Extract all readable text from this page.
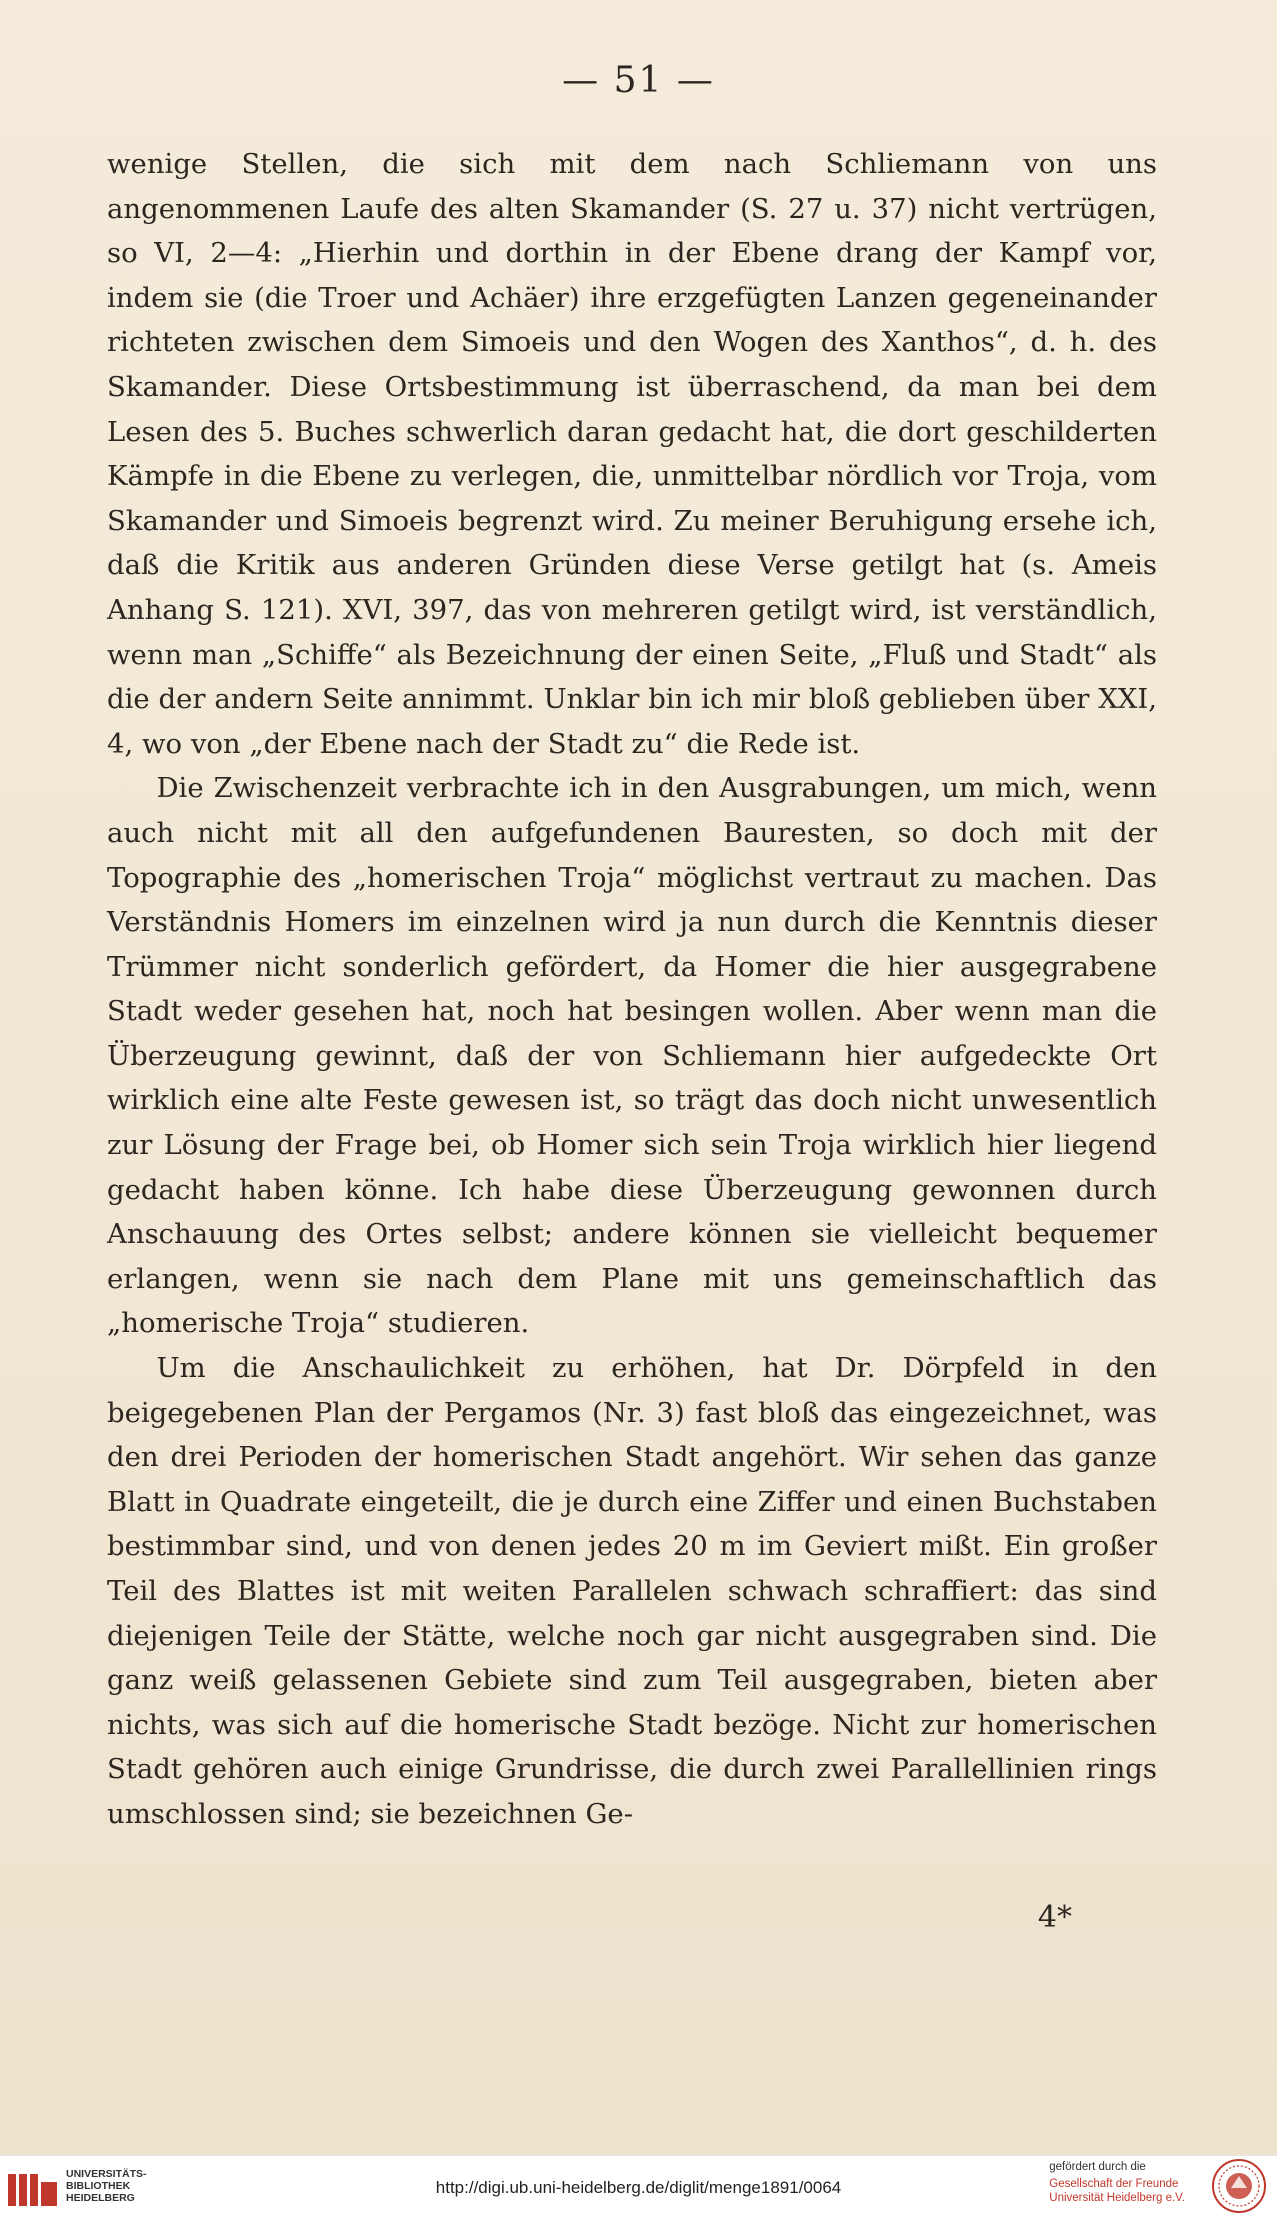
— 51 —

wenige Stellen, die sich mit dem nach Schliemann von uns angenommenen Laufe des alten Skamander (S. 27 u. 37) nicht vertrügen, so VI, 2—4: „Hierhin und dorthin in der Ebene drang der Kampf vor, indem sie (die Troer und Achäer) ihre erzgefügten Lanzen gegeneinander richteten zwischen dem Simoeis und den Wogen des Xanthos“, d. h. des Skamander. Diese Ortsbestimmung ist überraschend, da man bei dem Lesen des 5. Buches schwerlich daran gedacht hat, die dort geschilderten Kämpfe in die Ebene zu verlegen, die, unmittelbar nördlich vor Troja, vom Skamander und Simoeis begrenzt wird. Zu meiner Beruhigung ersehe ich, daß die Kritik aus anderen Gründen diese Verse getilgt hat (s. Ameis Anhang S. 121). XVI, 397, das von mehreren getilgt wird, ist verständlich, wenn man „Schiffe“ als Bezeichnung der einen Seite, „Fluß und Stadt“ als die der andern Seite annimmt. Unklar bin ich mir bloß geblieben über XXI, 4, wo von „der Ebene nach der Stadt zu“ die Rede ist.

Die Zwischenzeit verbrachte ich in den Ausgrabungen, um mich, wenn auch nicht mit all den aufgefundenen Bauresten, so doch mit der Topographie des „homerischen Troja“ möglichst vertraut zu machen. Das Verständnis Homers im einzelnen wird ja nun durch die Kenntnis dieser Trümmer nicht sonderlich gefördert, da Homer die hier ausgegrabene Stadt weder gesehen hat, noch hat besingen wollen. Aber wenn man die Überzeugung gewinnt, daß der von Schliemann hier aufgedeckte Ort wirklich eine alte Feste gewesen ist, so trägt das doch nicht unwesentlich zur Lösung der Frage bei, ob Homer sich sein Troja wirklich hier liegend gedacht haben könne. Ich habe diese Überzeugung gewonnen durch Anschauung des Ortes selbst; andere können sie vielleicht bequemer erlangen, wenn sie nach dem Plane mit uns gemeinschaftlich das „homerische Troja“ studieren.

Um die Anschaulichkeit zu erhöhen, hat Dr. Dörpfeld in den beigegebenen Plan der Pergamos (Nr. 3) fast bloß das eingezeichnet, was den drei Perioden der homerischen Stadt angehört. Wir sehen das ganze Blatt in Quadrate eingeteilt, die je durch eine Ziffer und einen Buchstaben bestimmbar sind, und von denen jedes 20 m im Geviert mißt. Ein großer Teil des Blattes ist mit weiten Parallelen schwach schraffiert: das sind diejenigen Teile der Stätte, welche noch gar nicht ausgegraben sind. Die ganz weiß gelassenen Gebiete sind zum Teil ausgegraben, bieten aber nichts, was sich auf die homerische Stadt bezöge. Nicht zur homerischen Stadt gehören auch einige Grundrisse, die durch zwei Parallellinien rings umschlossen sind; sie bezeichnen Ge-

4*
UNIVERSITÄTS-
BIBLIOTHEK
HEIDELBERG
http://digi.ub.uni-heidelberg.de/diglit/menge1891/0064
gefördert durch die
Gesellschaft der Freunde
Universität Heidelberg e.V.
